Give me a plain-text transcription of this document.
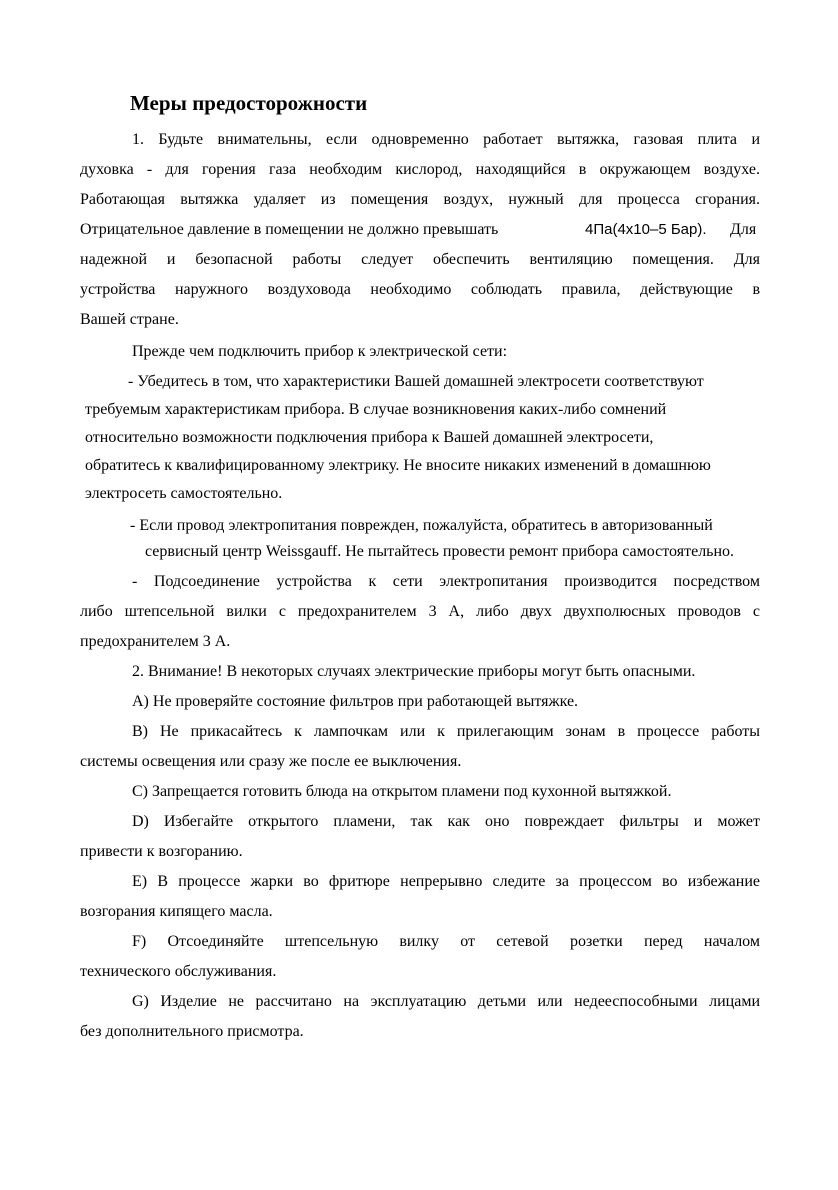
Меры предосторожности
1. Будьте внимательны, если одновременно работает вытяжка, газовая плита и
духовка - для горения газа необходим кислород, находящийся в окружающем воздухе.
Работающая вытяжка удаляет из помещения воздух, нужный для процесса сгорания.
Отрицательное давление в помещении не должно превышать	4Па(4х10–5 Бар). Для
надежной и безопасной работы следует обеспечить вентиляцию помещения. Для
устройства наружного воздуховода необходимо соблюдать правила, действующие в
Вашей стране.
Прежде чем подключить прибор к электрической сети:
- Убедитесь в том, что характеристики Вашей домашней электросети соответствуют
требуемым характеристикам прибора. В случае возникновения каких-либо сомнений
относительно возможности подключения прибора к Вашей домашней электросети,
обратитесь к квалифицированному электрику. Не вносите никаких изменений в домашнюю
электросеть самостоятельно.
- Если провод электропитания поврежден, пожалуйста, обратитесь в авторизованный
сервисный центр Weissgauff. Не пытайтесь провести ремонт прибора самостоятельно.
- Подсоединение устройства к сети электропитания производится посредством
либо штепсельной вилки с предохранителем 3 А, либо двух двухполюсных проводов с
предохранителем 3 А.
2. Внимание! В некоторых случаях электрические приборы могут быть опасными.
A) Не проверяйте состояние фильтров при работающей вытяжке.
B) Не прикасайтесь к лампочкам или к прилегающим зонам в процессе работы
системы освещения или сразу же после ее выключения.
C) Запрещается готовить блюда на открытом пламени под кухонной вытяжкой.
D) Избегайте открытого пламени, так как оно повреждает фильтры и может
привести к возгоранию.
E) В процессе жарки во фритюре непрерывно следите за процессом во избежание
возгорания кипящего масла.
F) Отсоединяйте штепсельную вилку от сетевой розетки перед началом
технического обслуживания.
G) Изделие не рассчитано на эксплуатацию детьми или недееспособными лицами
без дополнительного присмотра.
